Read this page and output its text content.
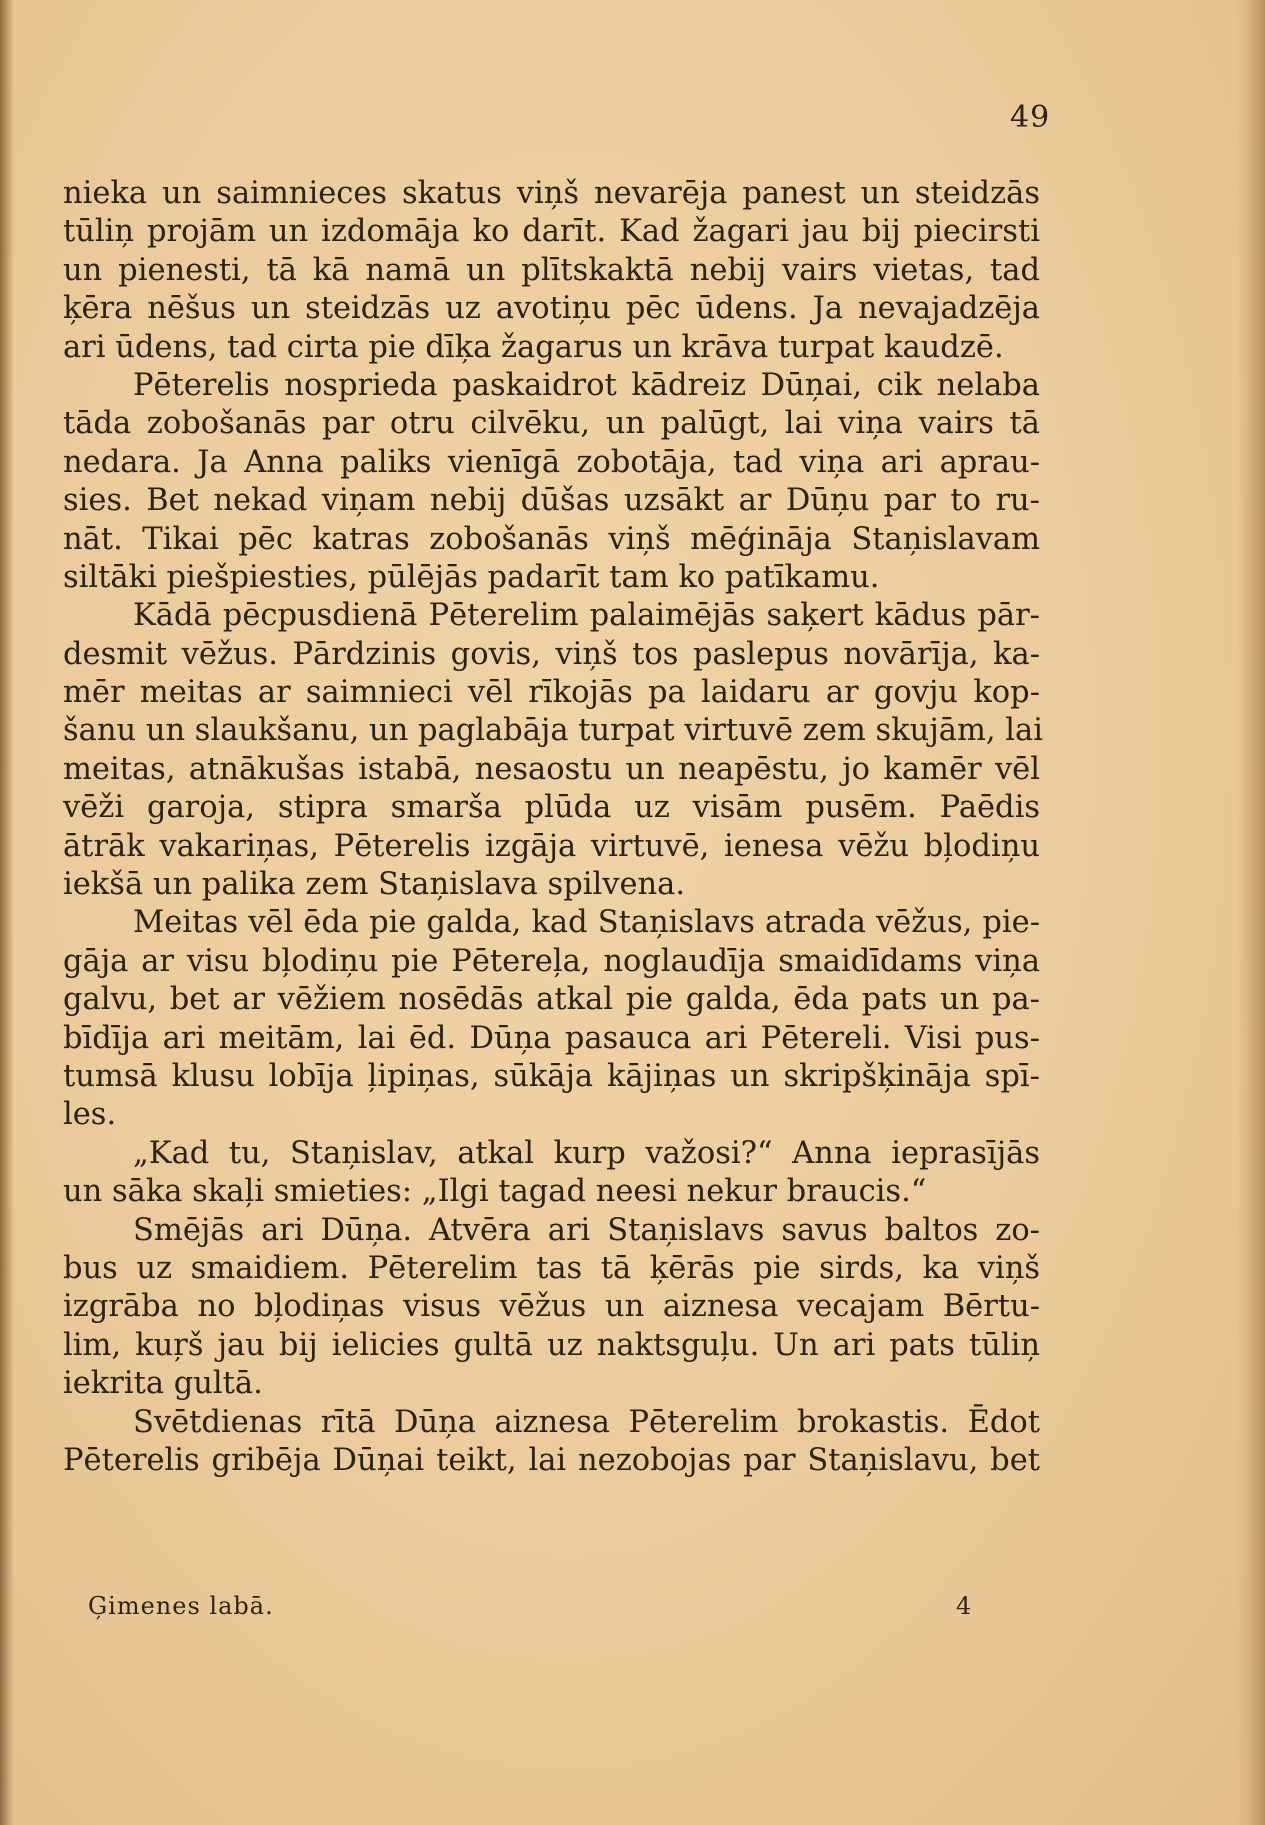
49
nieka un saimnieces skatus viņš nevarēja panest un steidzās
tūliņ projām un izdomāja ko darīt. Kad žagari jau bij piecirsti
un pienesti, tā kā namā un plītskaktā nebij vairs vietas, tad
ķēra nēšus un steidzās uz avotiņu pēc ūdens. Ja nevajadzēja
ari ūdens, tad cirta pie dīķa žagarus un krāva turpat kaudzē.
Pēterelis nosprieda paskaidrot kādreiz Dūņai, cik nelaba
tāda zobošanās par otru cilvēku, un palūgt, lai viņa vairs tā
nedara. Ja Anna paliks vienīgā zobotāja, tad viņa ari aprau-
sies. Bet nekad viņam nebij dūšas uzsākt ar Dūņu par to ru-
nāt. Tikai pēc katras zobošanās viņš mēģināja Staņislavam
siltāki piešpiesties, pūlējās padarīt tam ko patīkamu.
Kādā pēcpusdienā Pēterelim palaimējās saķert kādus pār-
desmit vēžus. Pārdzinis govis, viņš tos paslepus novārīja, ka-
mēr meitas ar saimnieci vēl rīkojās pa laidaru ar govju kop-
šanu un slaukšanu, un paglabāja turpat virtuvē zem skujām, lai
meitas, atnākušas istabā, nesaostu un neapēstu, jo kamēr vēl
vēži garoja, stipra smarša plūda uz visām pusēm. Paēdis
ātrāk vakariņas, Pēterelis izgāja virtuvē, ienesa vēžu bļodiņu
iekšā un palika zem Staņislava spilvena.
Meitas vēl ēda pie galda, kad Staņislavs atrada vēžus, pie-
gāja ar visu bļodiņu pie Pētereļa, noglaudīja smaidīdams viņa
galvu, bet ar vēžiem nosēdās atkal pie galda, ēda pats un pa-
bīdīja ari meitām, lai ēd. Dūņa pasauca ari Pētereli. Visi pus-
tumsā klusu lobīja ļipiņas, sūkāja kājiņas un skripšķināja spī-
les.
„Kad tu, Staņislav, atkal kurp važosi?“ Anna ieprasījās
un sāka skaļi smieties: „Ilgi tagad neesi nekur braucis.“
Smējās ari Dūņa. Atvēra ari Staņislavs savus baltos zo-
bus uz smaidiem. Pēterelim tas tā ķērās pie sirds, ka viņš
izgrāba no bļodiņas visus vēžus un aiznesa vecajam Bērtu-
lim, kuŗš jau bij ielicies gultā uz naktsguļu. Un ari pats tūliņ
iekrita gultā.
Svētdienas rītā Dūņa aiznesa Pēterelim brokastis. Ēdot
Pēterelis gribēja Dūņai teikt, lai nezobojas par Staņislavu, bet
Ģimenes labā.	4
